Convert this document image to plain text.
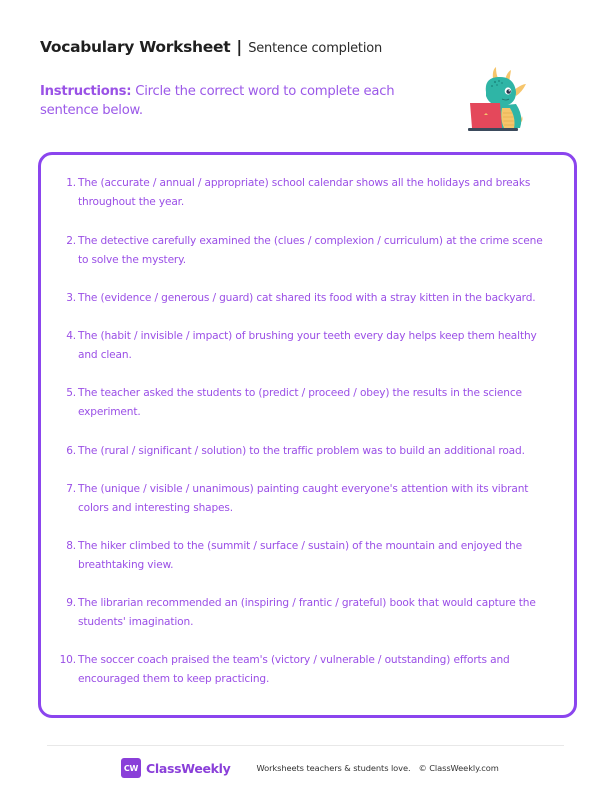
Vocabulary Worksheet | Sentence completion
Instructions: Circle the correct word to complete each sentence below.
1. The (accurate / annual / appropriate) school calendar shows all the holidays and breaks throughout the year.
2. The detective carefully examined the (clues / complexion / curriculum) at the crime scene to solve the mystery.
3. The (evidence / generous / guard) cat shared its food with a stray kitten in the backyard.
4. The (habit / invisible / impact) of brushing your teeth every day helps keep them healthy and clean.
5. The teacher asked the students to (predict / proceed / obey) the results in the science experiment.
6. The (rural / significant / solution) to the traffic problem was to build an additional road.
7. The (unique / visible / unanimous) painting caught everyone's attention with its vibrant colors and interesting shapes.
8. The hiker climbed to the (summit / surface / sustain) of the mountain and enjoyed the breathtaking view.
9. The librarian recommended an (inspiring / frantic / grateful) book that would capture the students' imagination.
10. The soccer coach praised the team's (victory / vulnerable / outstanding) efforts and encouraged them to keep practicing.
CW ClassWeekly	Worksheets teachers & students love. © ClassWeekly.com
